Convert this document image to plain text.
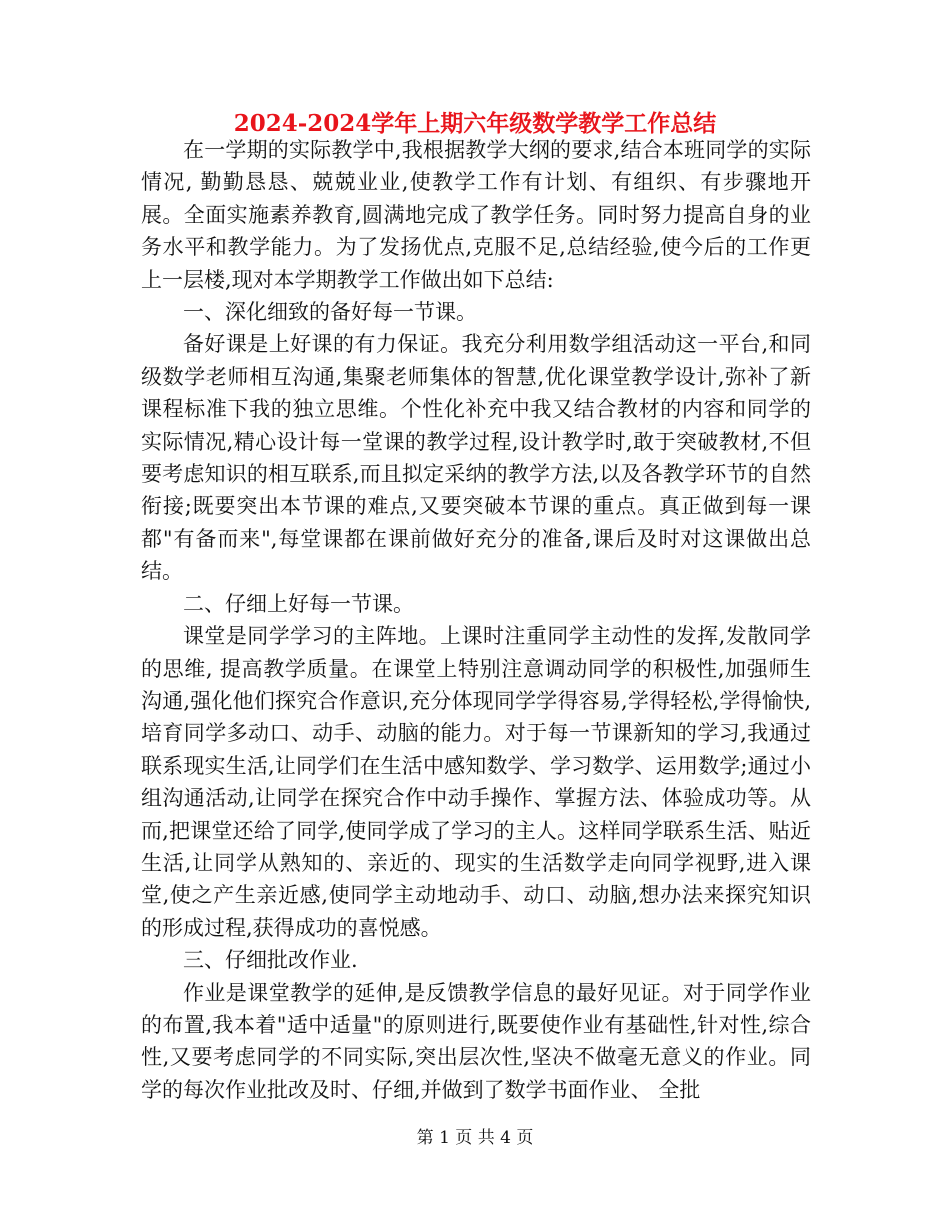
2024-2024学年上期六年级数学教学工作总结

在一学期的实际教学中,我根据教学大纲的要求,结合本班同学的实际情况, 勤勤恳恳、兢兢业业,使教学工作有计划、有组织、有步骤地开展。全面实施素养教育,圆满地完成了教学任务。同时努力提高自身的业务水平和教学能力。为了发扬优点,克服不足,总结经验,使今后的工作更上一层楼,现对本学期教学工作做出如下总结:

一、深化细致的备好每一节课。

备好课是上好课的有力保证。我充分利用数学组活动这一平台,和同级数学老师相互沟通,集聚老师集体的智慧,优化课堂教学设计,弥补了新课程标准下我的独立思维。个性化补充中我又结合教材的内容和同学的实际情况,精心设计每一堂课的教学过程,设计教学时,敢于突破教材,不但要考虑知识的相互联系,而且拟定采纳的教学方法,以及各教学环节的自然衔接;既要突出本节课的难点,又要突破本节课的重点。真正做到每一课都"有备而来",每堂课都在课前做好充分的准备,课后及时对这课做出总结。

二、仔细上好每一节课。

课堂是同学学习的主阵地。上课时注重同学主动性的发挥,发散同学的思维, 提高教学质量。在课堂上特别注意调动同学的积极性,加强师生沟通,强化他们探究合作意识,充分体现同学学得容易,学得轻松,学得愉快,培育同学多动口、动手、动脑的能力。对于每一节课新知的学习,我通过联系现实生活,让同学们在生活中感知数学、学习数学、运用数学;通过小组沟通活动,让同学在探究合作中动手操作、掌握方法、体验成功等。从而,把课堂还给了同学,使同学成了学习的主人。这样同学联系生活、贴近生活,让同学从熟知的、亲近的、现实的生活数学走向同学视野,进入课堂,使之产生亲近感,使同学主动地动手、动口、动脑,想办法来探究知识的形成过程,获得成功的喜悦感。

三、仔细批改作业.

作业是课堂教学的延伸,是反馈教学信息的最好见证。对于同学作业的布置,我本着"适中适量"的原则进行,既要使作业有基础性,针对性,综合性,又要考虑同学的不同实际,突出层次性,坚决不做毫无意义的作业。同学的每次作业批改及时、仔细,并做到了数学书面作业、 全批

第 1 页 共 4 页
